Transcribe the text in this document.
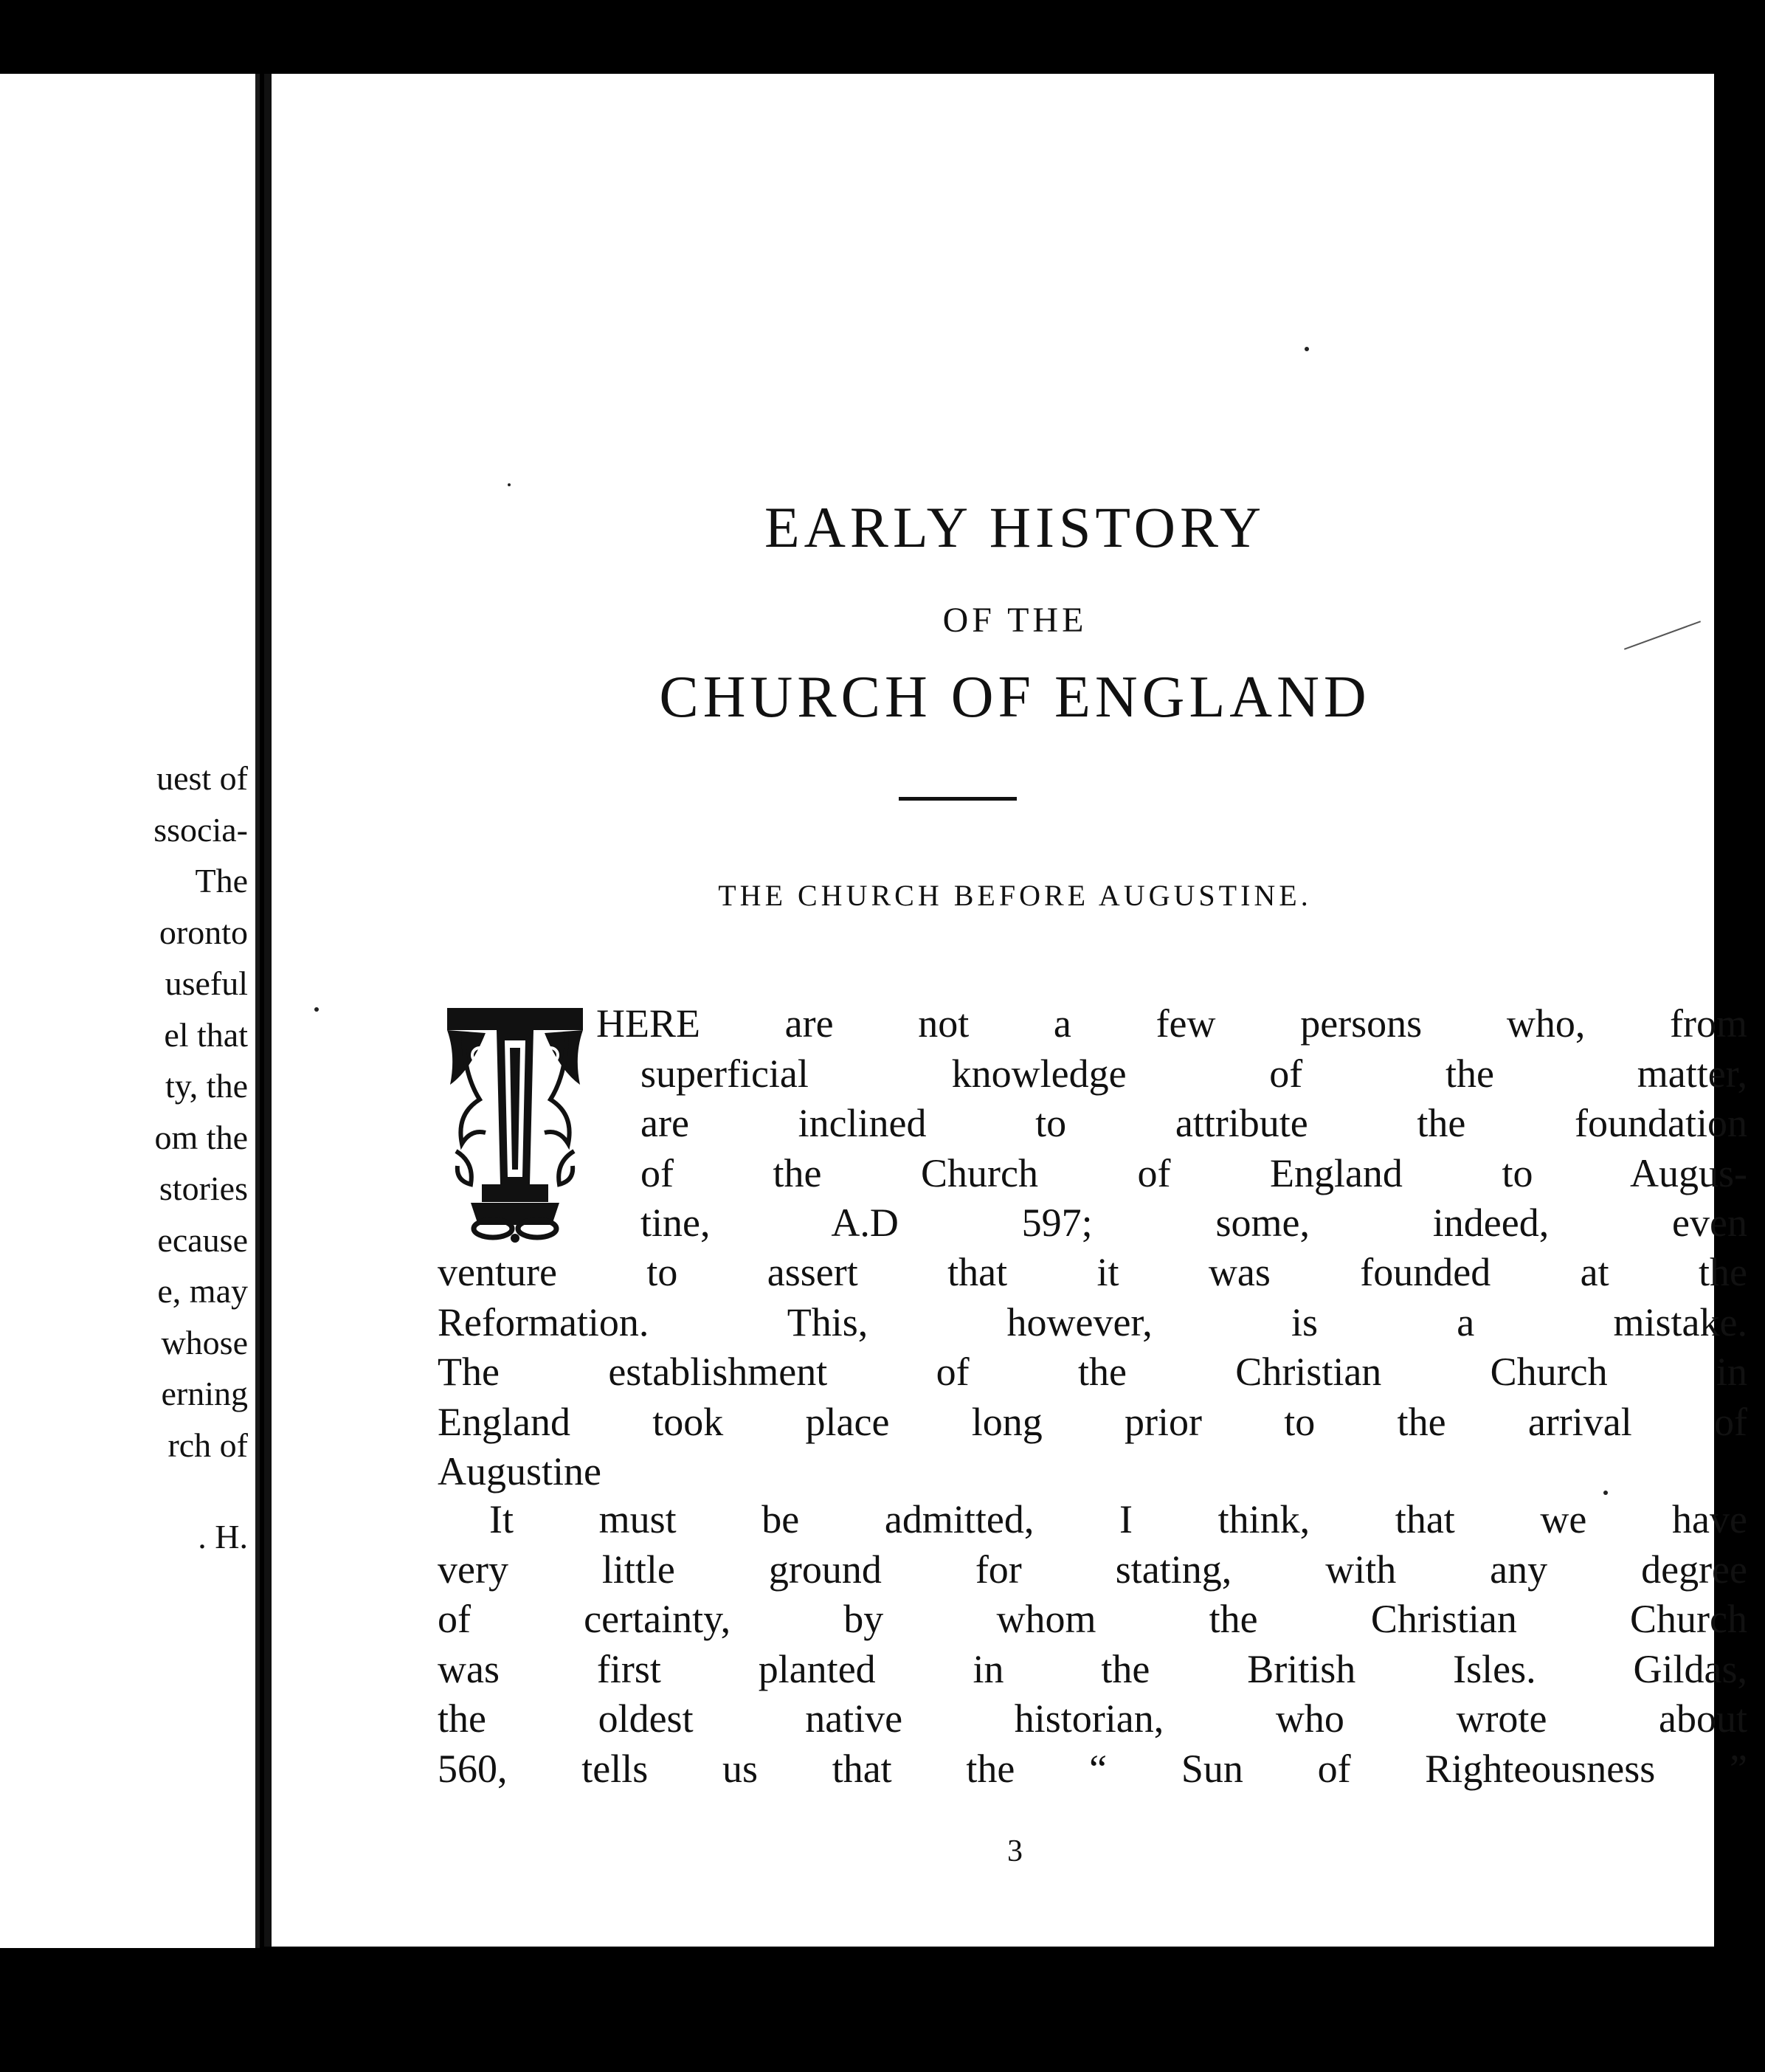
uest of
ssocia-
The
oronto
useful
el that
ty, the
om the
stories
ecause
e, may
whose
erning
rch of
. H.
EARLY HISTORY
OF THE
CHURCH OF ENGLAND
THE CHURCH BEFORE AUGUSTINE.
HERE are not a few persons who, from
superficial knowledge of the matter,
are inclined to attribute the foundation
of the Church of England to Augus-
tine, A.D 597; some, indeed, even
venture to assert that it was founded at the
Reformation. This, however, is a mistake.
The establishment of the Christian Church in
England took place long prior to the arrival of
Augustine
It must be admitted, I think, that we have
very little ground for stating, with any degree
of certainty, by whom the Christian Church
was first planted in the British Isles. Gildas,
the oldest native historian, who wrote about
560, tells us that the “ Sun of Righteousness ”
3
